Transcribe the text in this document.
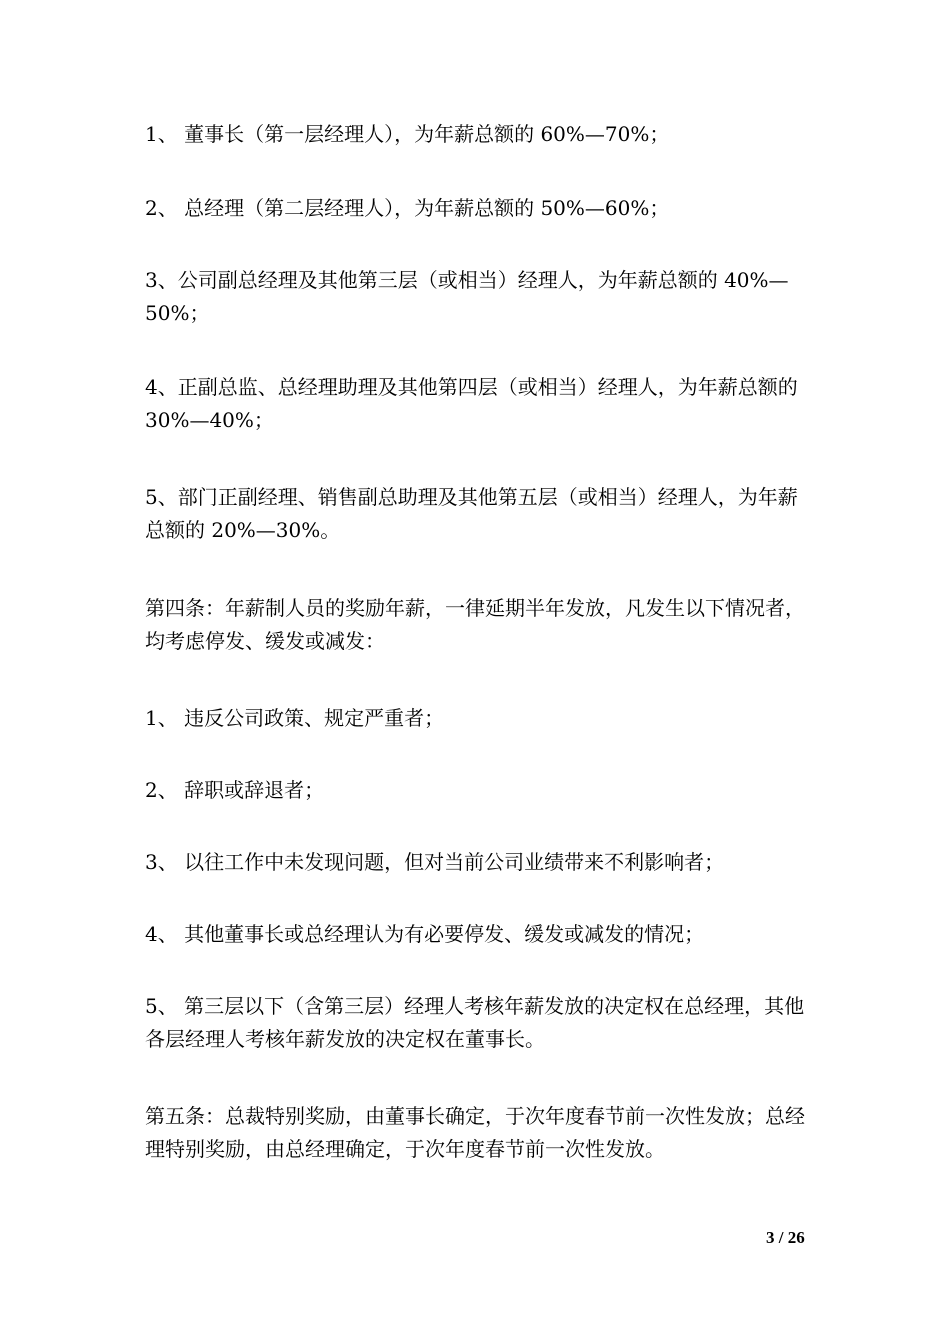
1、 董事长（第一层经理人），为年薪总额的 60%—70%；

2、 总经理（第二层经理人），为年薪总额的 50%—60%；

3、公司副总经理及其他第三层（或相当）经理人，为年薪总额的 40%—50%；

4、正副总监、总经理助理及其他第四层（或相当）经理人，为年薪总额的 30%—40%；

5、部门正副经理、销售副总助理及其他第五层（或相当）经理人，为年薪总额的 20%—30%。

第四条：年薪制人员的奖励年薪，一律延期半年发放，凡发生以下情况者，均考虑停发、缓发或减发：

1、 违反公司政策、规定严重者；

2、 辞职或辞退者；

3、 以往工作中未发现问题，但对当前公司业绩带来不利影响者；

4、 其他董事长或总经理认为有必要停发、缓发或减发的情况；

5、 第三层以下（含第三层）经理人考核年薪发放的决定权在总经理，其他各层经理人考核年薪发放的决定权在董事长。

第五条：总裁特别奖励，由董事长确定，于次年度春节前一次性发放；总经理特别奖励，由总经理确定，于次年度春节前一次性发放。

3 / 26
